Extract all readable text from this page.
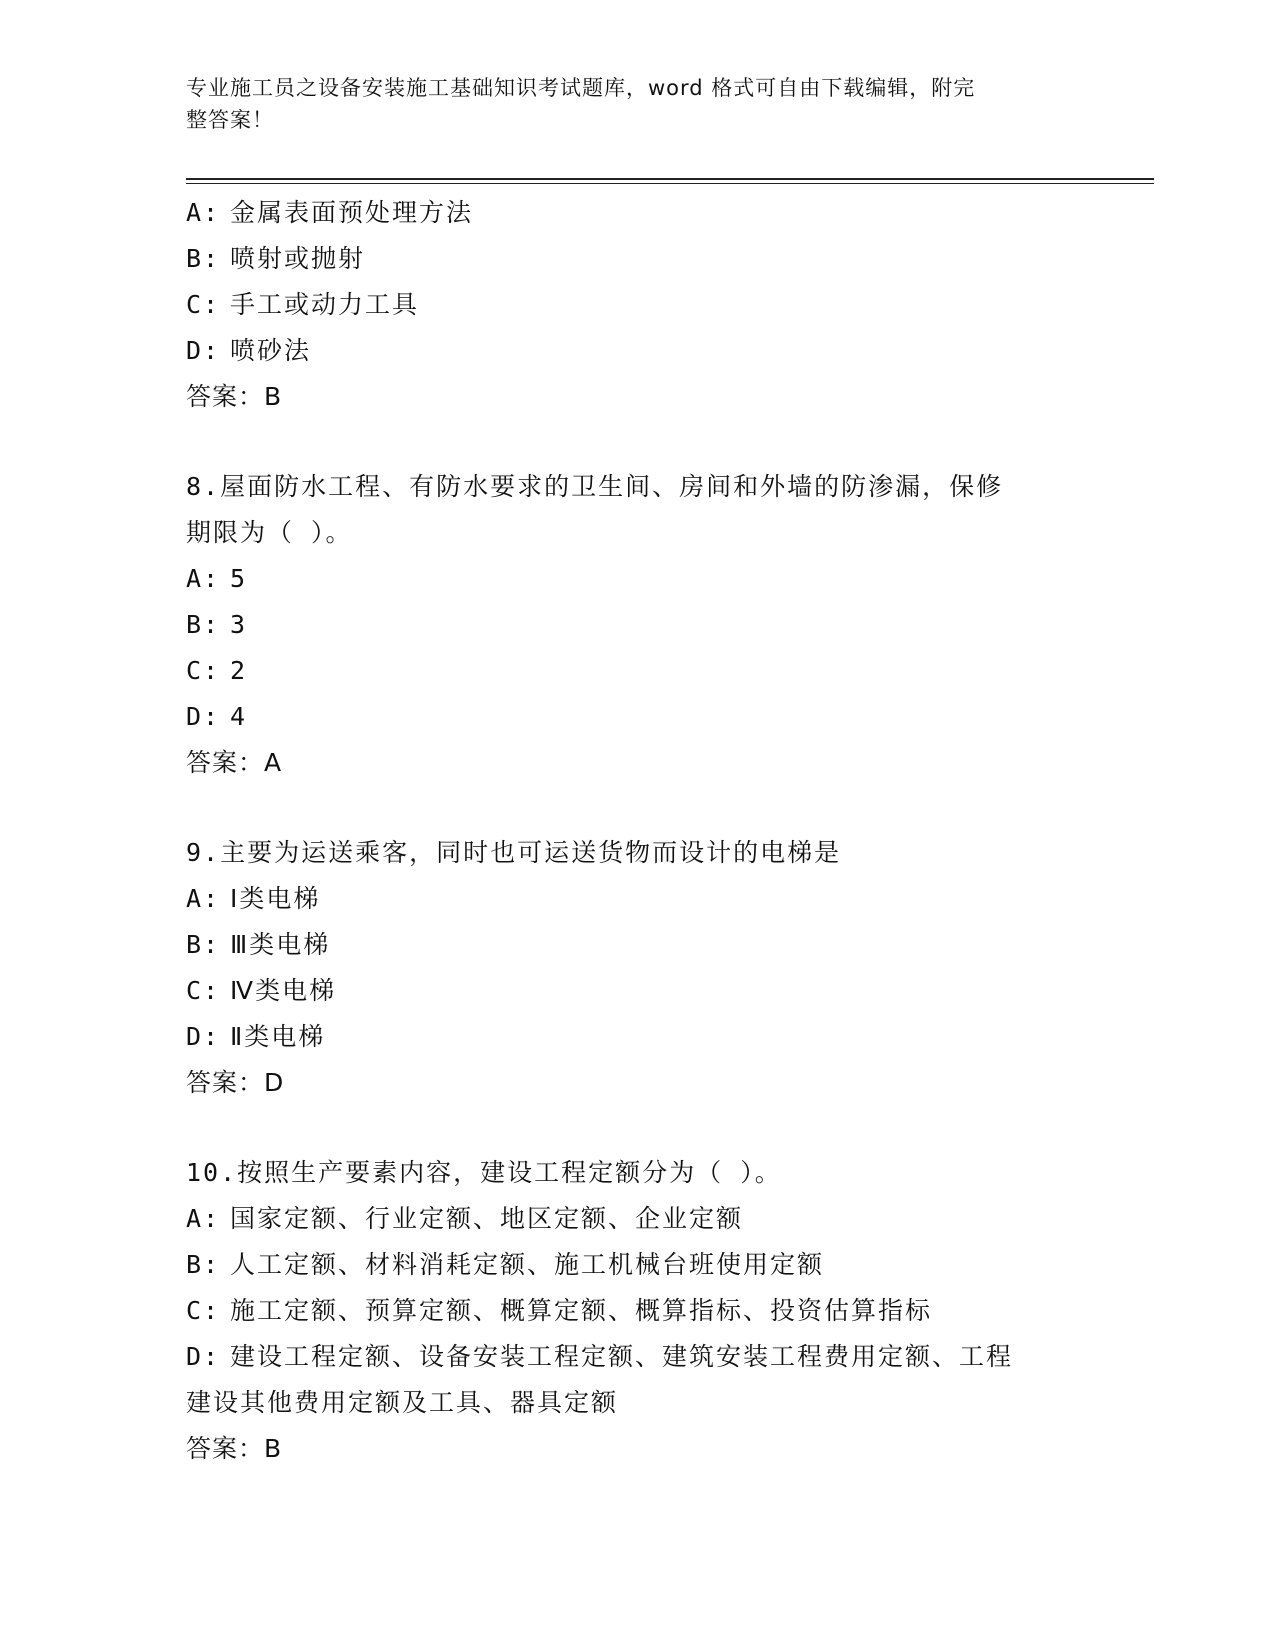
专业施工员之设备安装施工基础知识考试题库，word 格式可自由下载编辑，附完
整答案！
A: 金属表面预处理方法
B: 喷射或抛射
C: 手工或动力工具
D: 喷砂法
答案：B
8.屋面防水工程、有防水要求的卫生间、房间和外墙的防渗漏，保修
期限为（ ）。
A: 5
B: 3
C: 2
D: 4
答案：A
9.主要为运送乘客，同时也可运送货物而设计的电梯是
A: Ⅰ类电梯
B: Ⅲ类电梯
C: Ⅳ类电梯
D: Ⅱ类电梯
答案：D
10.按照生产要素内容，建设工程定额分为（ ）。
A: 国家定额、行业定额、地区定额、企业定额
B: 人工定额、材料消耗定额、施工机械台班使用定额
C: 施工定额、预算定额、概算定额、概算指标、投资估算指标
D: 建设工程定额、设备安装工程定额、建筑安装工程费用定额、工程
建设其他费用定额及工具、器具定额
答案：B
